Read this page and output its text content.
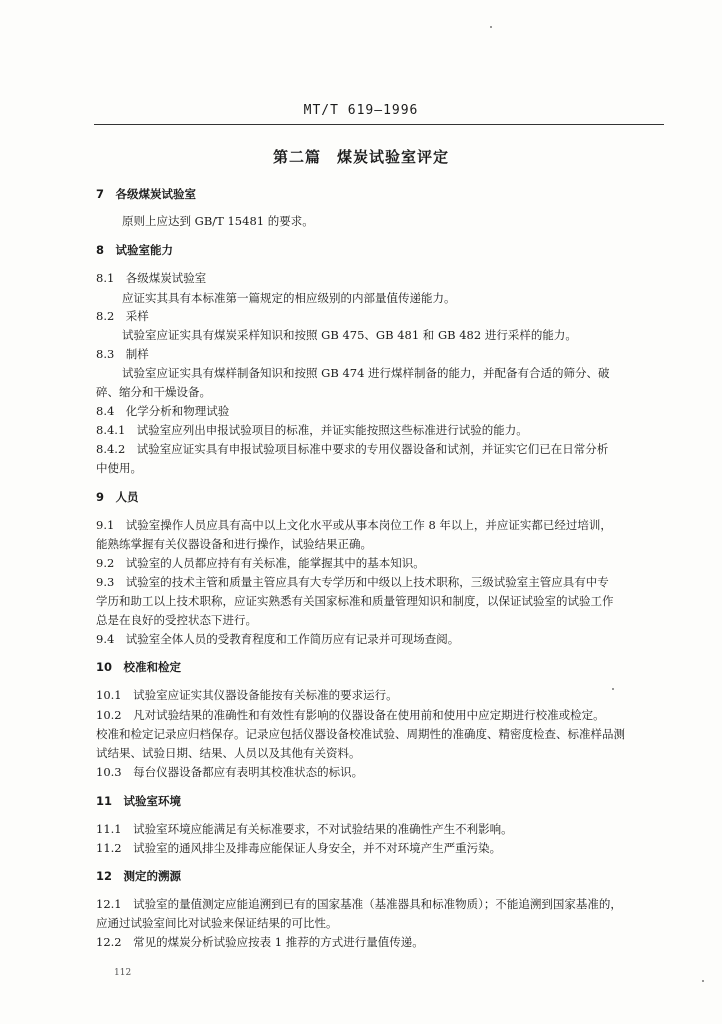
MT/T 619—1996
第二篇　煤炭试验室评定
7　各级煤炭试验室
原则上应达到 GB/T 15481 的要求。
8　试验室能力
8.1　各级煤炭试验室
应证实其具有本标准第一篇规定的相应级别的内部量值传递能力。
8.2　采样
试验室应证实具有煤炭采样知识和按照 GB 475、GB 481 和 GB 482 进行采样的能力。
8.3　制样
试验室应证实具有煤样制备知识和按照 GB 474 进行煤样制备的能力，并配备有合适的筛分、破
碎、缩分和干燥设备。
8.4　化学分析和物理试验
8.4.1　试验室应列出申报试验项目的标准，并证实能按照这些标准进行试验的能力。
8.4.2　试验室应证实具有申报试验项目标准中要求的专用仪器设备和试剂，并证实它们已在日常分析
中使用。
9　人员
9.1　试验室操作人员应具有高中以上文化水平或从事本岗位工作 8 年以上，并应证实都已经过培训，
能熟练掌握有关仪器设备和进行操作，试验结果正确。
9.2　试验室的人员都应持有有关标准，能掌握其中的基本知识。
9.3　试验室的技术主管和质量主管应具有大专学历和中级以上技术职称，三级试验室主管应具有中专
学历和助工以上技术职称，应证实熟悉有关国家标准和质量管理知识和制度，以保证试验室的试验工作
总是在良好的受控状态下进行。
9.4　试验室全体人员的受教育程度和工作简历应有记录并可现场查阅。
10　校准和检定
10.1　试验室应证实其仪器设备能按有关标准的要求运行。
10.2　凡对试验结果的准确性和有效性有影响的仪器设备在使用前和使用中应定期进行校准或检定。
校准和检定记录应归档保存。记录应包括仪器设备校准试验、周期性的准确度、精密度检查、标准样品测
试结果、试验日期、结果、人员以及其他有关资料。
10.3　每台仪器设备都应有表明其校准状态的标识。
11　试验室环境
11.1　试验室环境应能满足有关标准要求，不对试验结果的准确性产生不利影响。
11.2　试验室的通风排尘及排毒应能保证人身安全，并不对环境产生严重污染。
12　测定的溯源
12.1　试验室的量值测定应能追溯到已有的国家基准（基准器具和标准物质）；不能追溯到国家基准的，
应通过试验室间比对试验来保证结果的可比性。
12.2　常见的煤炭分析试验应按表 1 推荐的方式进行量值传递。
112
